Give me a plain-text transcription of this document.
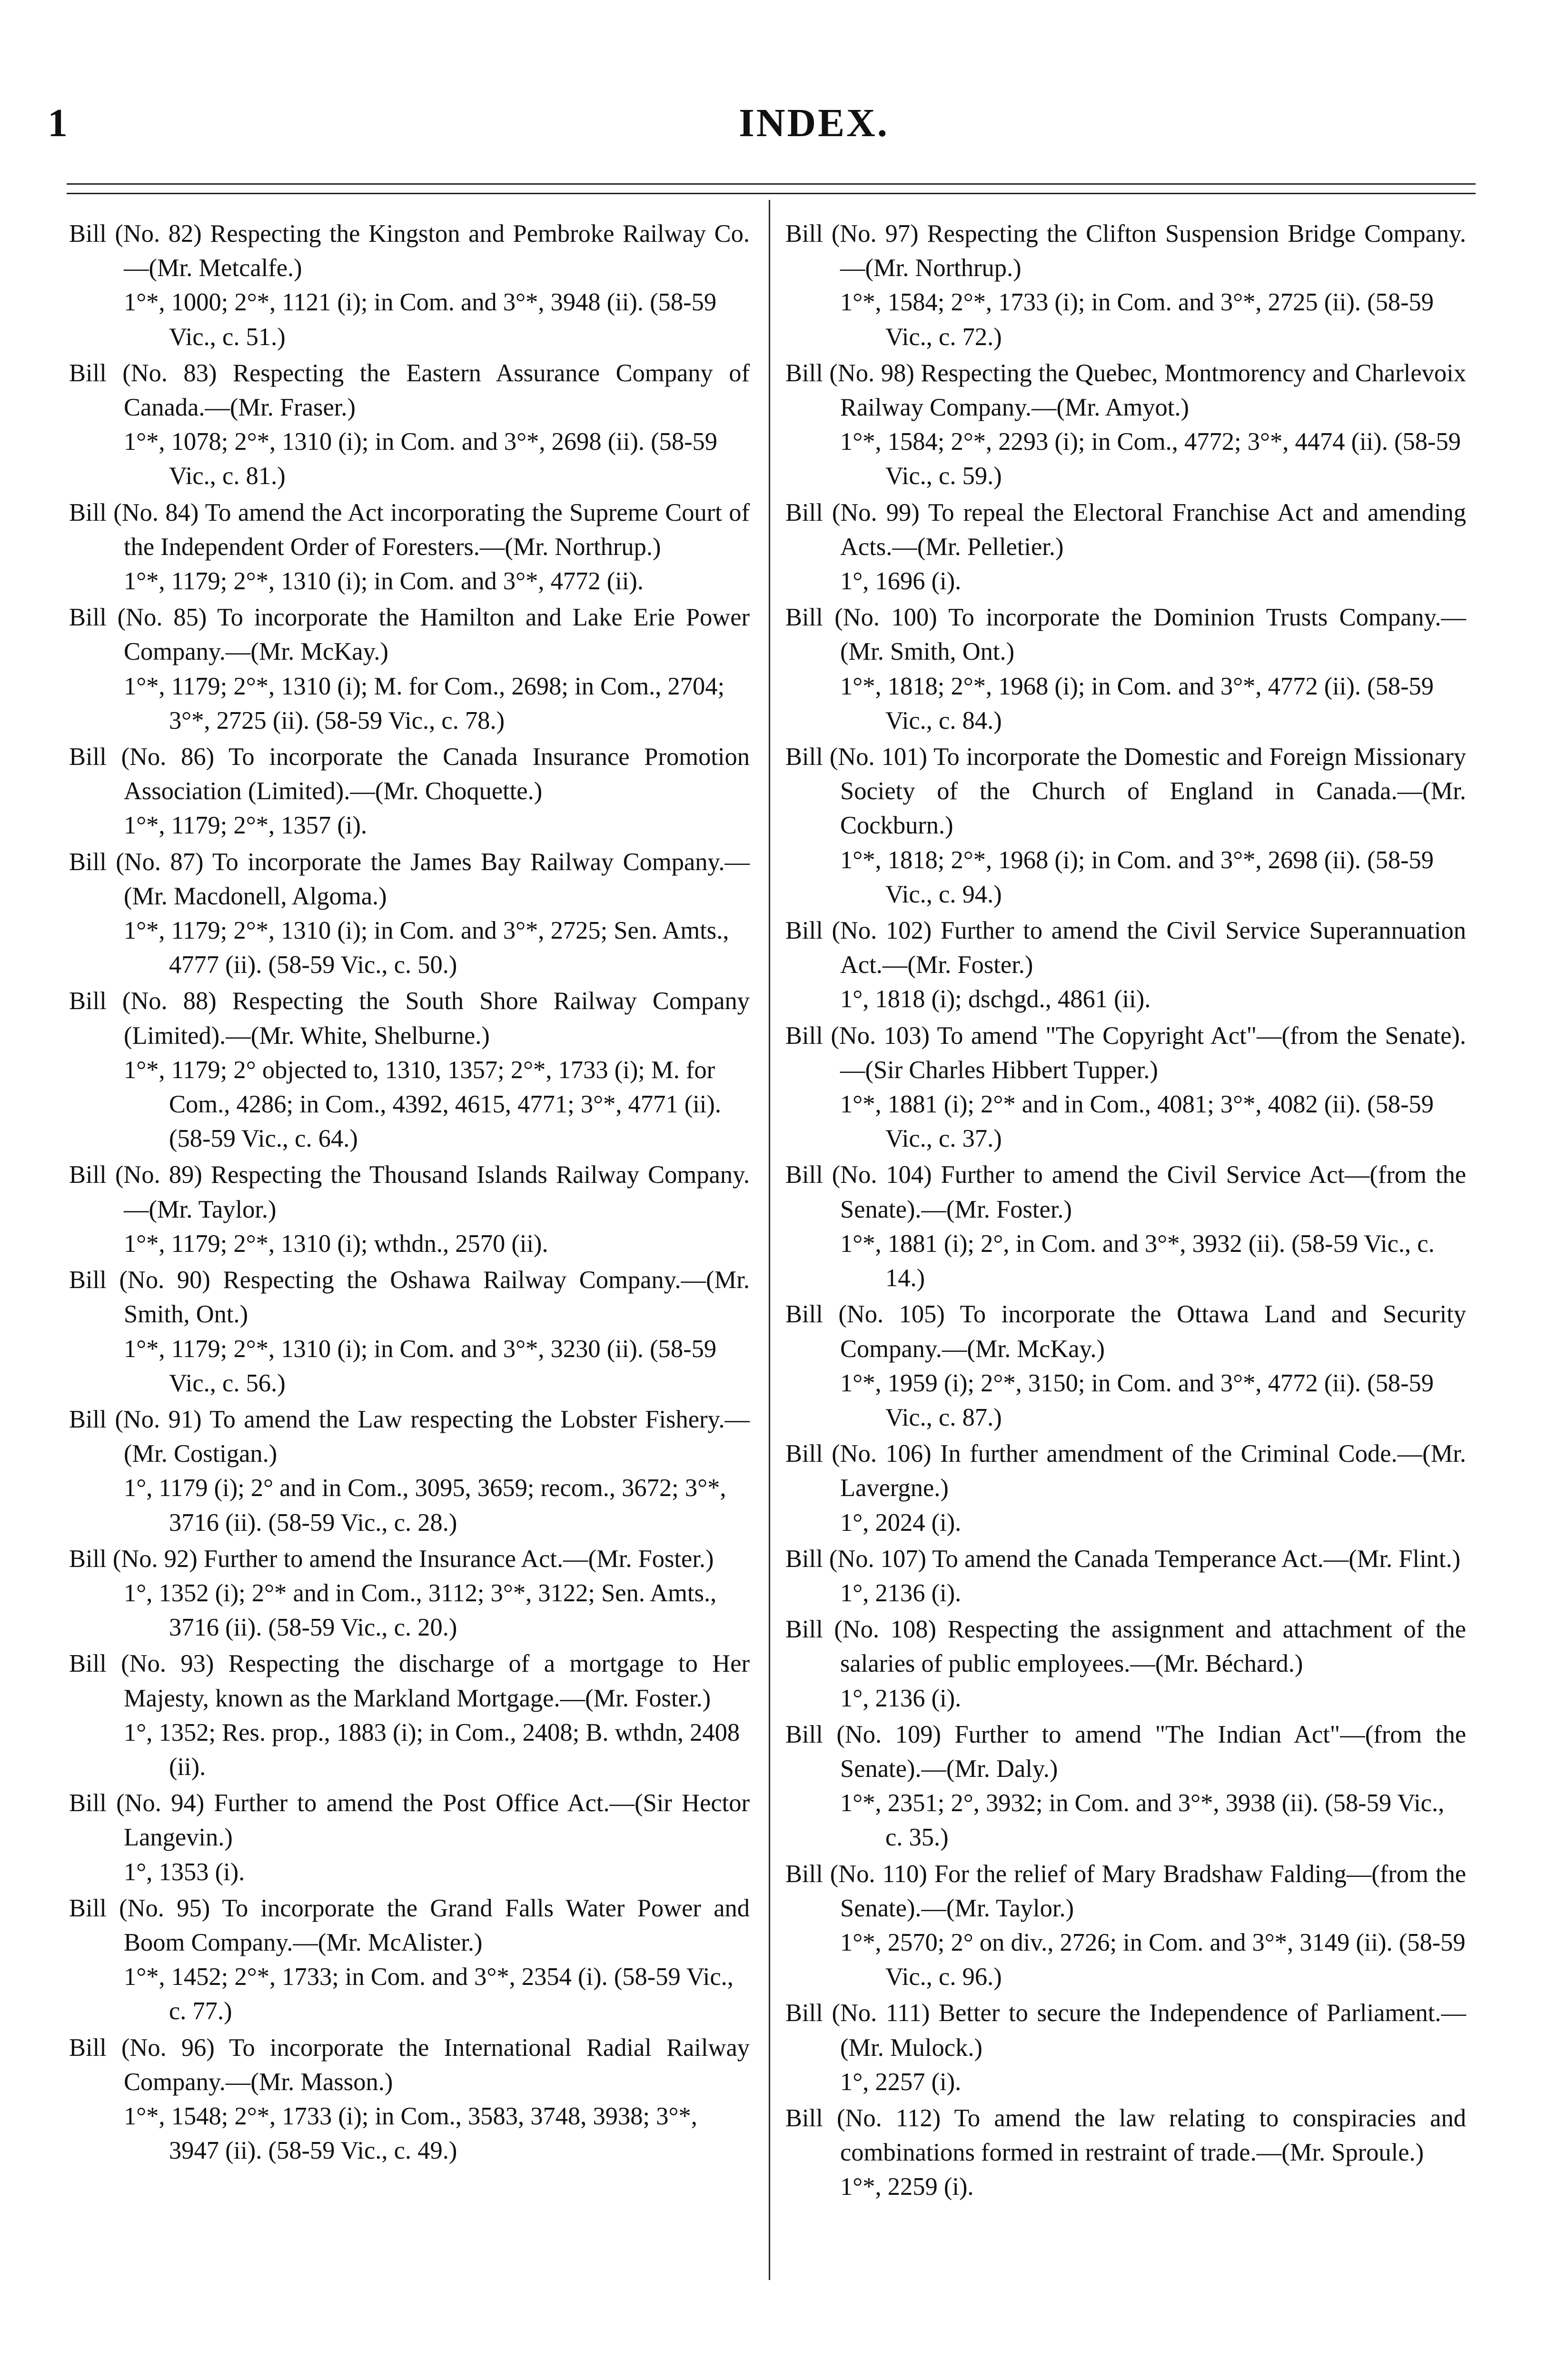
1	INDEX.
Bill (No. 82) Respecting the Kingston and Pembroke Railway Co.—(Mr. Metcalfe.)
1°*, 1000; 2°*, 1121 (i); in Com. and 3°*, 3948 (ii). (58-59 Vic., c. 51.)
Bill (No. 83) Respecting the Eastern Assurance Company of Canada.—(Mr. Fraser.)
1°*, 1078; 2°*, 1310 (i); in Com. and 3°*, 2698 (ii). (58-59 Vic., c. 81.)
Bill (No. 84) To amend the Act incorporating the Supreme Court of the Independent Order of Foresters.—(Mr. Northrup.)
1°*, 1179; 2°*, 1310 (i); in Com. and 3°*, 4772 (ii).
Bill (No. 85) To incorporate the Hamilton and Lake Erie Power Company.—(Mr. McKay.)
1°*, 1179; 2°*, 1310 (i); M. for Com., 2698; in Com., 2704; 3°*, 2725 (ii). (58-59 Vic., c. 78.)
Bill (No. 86) To incorporate the Canada Insurance Promotion Association (Limited).—(Mr. Choquette.)
1°*, 1179; 2°*, 1357 (i).
Bill (No. 87) To incorporate the James Bay Railway Company.—(Mr. Macdonell, Algoma.)
1°*, 1179; 2°*, 1310 (i); in Com. and 3°*, 2725; Sen. Amts., 4777 (ii). (58-59 Vic., c. 50.)
Bill (No. 88) Respecting the South Shore Railway Company (Limited).—(Mr. White, Shelburne.)
1°*, 1179; 2° objected to, 1310, 1357; 2°*, 1733 (i); M. for Com., 4286; in Com., 4392, 4615, 4771; 3°*, 4771 (ii). (58-59 Vic., c. 64.)
Bill (No. 89) Respecting the Thousand Islands Railway Company.—(Mr. Taylor.)
1°*, 1179; 2°*, 1310 (i); wthdn., 2570 (ii).
Bill (No. 90) Respecting the Oshawa Railway Company.—(Mr. Smith, Ont.)
1°*, 1179; 2°*, 1310 (i); in Com. and 3°*, 3230 (ii). (58-59 Vic., c. 56.)
Bill (No. 91) To amend the Law respecting the Lobster Fishery.—(Mr. Costigan.)
1°, 1179 (i); 2° and in Com., 3095, 3659; recom., 3672; 3°*, 3716 (ii). (58-59 Vic., c. 28.)
Bill (No. 92) Further to amend the Insurance Act.—(Mr. Foster.)
1°, 1352 (i); 2°* and in Com., 3112; 3°*, 3122; Sen. Amts., 3716 (ii). (58-59 Vic., c. 20.)
Bill (No. 93) Respecting the discharge of a mortgage to Her Majesty, known as the Markland Mortgage.—(Mr. Foster.)
1°, 1352; Res. prop., 1883 (i); in Com., 2408; B. wthdn, 2408 (ii).
Bill (No. 94) Further to amend the Post Office Act.—(Sir Hector Langevin.)
1°, 1353 (i).
Bill (No. 95) To incorporate the Grand Falls Water Power and Boom Company.—(Mr. McAlister.)
1°*, 1452; 2°*, 1733; in Com. and 3°*, 2354 (i). (58-59 Vic., c. 77.)
Bill (No. 96) To incorporate the International Radial Railway Company.—(Mr. Masson.)
1°*, 1548; 2°*, 1733 (i); in Com., 3583, 3748, 3938; 3°*, 3947 (ii). (58-59 Vic., c. 49.)
Bill (No. 97) Respecting the Clifton Suspension Bridge Company.—(Mr. Northrup.)
1°*, 1584; 2°*, 1733 (i); in Com. and 3°*, 2725 (ii). (58-59 Vic., c. 72.)
Bill (No. 98) Respecting the Quebec, Montmorency and Charlevoix Railway Company.—(Mr. Amyot.)
1°*, 1584; 2°*, 2293 (i); in Com., 4772; 3°*, 4474 (ii). (58-59 Vic., c. 59.)
Bill (No. 99) To repeal the Electoral Franchise Act and amending Acts.—(Mr. Pelletier.)
1°, 1696 (i).
Bill (No. 100) To incorporate the Dominion Trusts Company.—(Mr. Smith, Ont.)
1°*, 1818; 2°*, 1968 (i); in Com. and 3°*, 4772 (ii). (58-59 Vic., c. 84.)
Bill (No. 101) To incorporate the Domestic and Foreign Missionary Society of the Church of England in Canada.—(Mr. Cockburn.)
1°*, 1818; 2°*, 1968 (i); in Com. and 3°*, 2698 (ii). (58-59 Vic., c. 94.)
Bill (No. 102) Further to amend the Civil Service Superannuation Act.—(Mr. Foster.)
1°, 1818 (i); dschgd., 4861 (ii).
Bill (No. 103) To amend "The Copyright Act"—(from the Senate).—(Sir Charles Hibbert Tupper.)
1°*, 1881 (i); 2°* and in Com., 4081; 3°*, 4082 (ii). (58-59 Vic., c. 37.)
Bill (No. 104) Further to amend the Civil Service Act—(from the Senate).—(Mr. Foster.)
1°*, 1881 (i); 2°, in Com. and 3°*, 3932 (ii). (58-59 Vic., c. 14.)
Bill (No. 105) To incorporate the Ottawa Land and Security Company.—(Mr. McKay.)
1°*, 1959 (i); 2°*, 3150; in Com. and 3°*, 4772 (ii). (58-59 Vic., c. 87.)
Bill (No. 106) In further amendment of the Criminal Code.—(Mr. Lavergne.)
1°, 2024 (i).
Bill (No. 107) To amend the Canada Temperance Act.—(Mr. Flint.)
1°, 2136 (i).
Bill (No. 108) Respecting the assignment and attachment of the salaries of public employees.—(Mr. Béchard.)
1°, 2136 (i).
Bill (No. 109) Further to amend "The Indian Act"—(from the Senate).—(Mr. Daly.)
1°*, 2351; 2°, 3932; in Com. and 3°*, 3938 (ii). (58-59 Vic., c. 35.)
Bill (No. 110) For the relief of Mary Bradshaw Falding—(from the Senate).—(Mr. Taylor.)
1°*, 2570; 2° on div., 2726; in Com. and 3°*, 3149 (ii). (58-59 Vic., c. 96.)
Bill (No. 111) Better to secure the Independence of Parliament.—(Mr. Mulock.)
1°, 2257 (i).
Bill (No. 112) To amend the law relating to conspiracies and combinations formed in restraint of trade.—(Mr. Sproule.)
1°*, 2259 (i).
